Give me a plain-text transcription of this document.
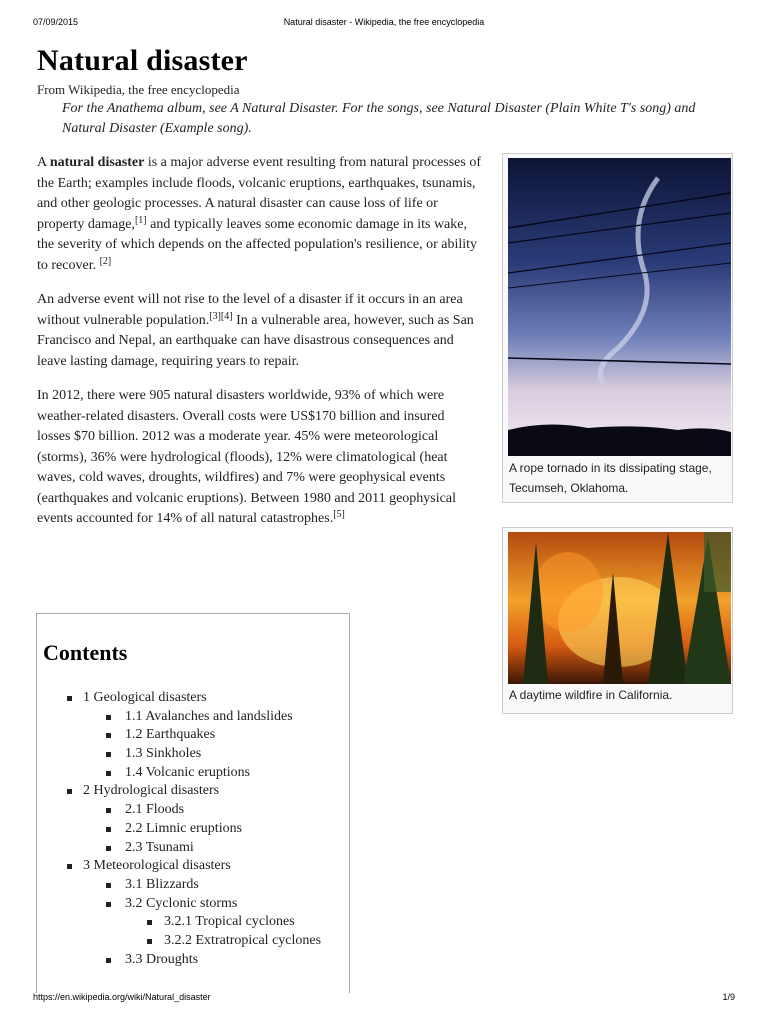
07/09/2015	Natural disaster - Wikipedia, the free encyclopedia
Natural disaster
From Wikipedia, the free encyclopedia
For the Anathema album, see A Natural Disaster. For the songs, see Natural Disaster (Plain White T's song) and Natural Disaster (Example song).

A natural disaster is a major adverse event resulting from natural processes of the Earth; examples include floods, volcanic eruptions, earthquakes, tsunamis, and other geologic processes. A natural disaster can cause loss of life or property damage,[1] and typically leaves some economic damage in its wake, the severity of which depends on the affected population's resilience, or ability to recover. [2]

An adverse event will not rise to the level of a disaster if it occurs in an area without vulnerable population.[3][4] In a vulnerable area, however, such as San Francisco and Nepal, an earthquake can have disastrous consequences and leave lasting damage, requiring years to repair.

In 2012, there were 905 natural disasters worldwide, 93% of which were weather-related disasters. Overall costs were US$170 billion and insured losses $70 billion. 2012 was a moderate year. 45% were meteorological (storms), 36% were hydrological (floods), 12% were climatological (heat waves, cold waves, droughts, wildfires) and 7% were geophysical events (earthquakes and volcanic eruptions). Between 1980 and 2011 geophysical events accounted for 14% of all natural catastrophes.[5]

A rope tornado in its dissipating stage, Tecumseh, Oklahoma.
A daytime wildfire in California.
Contents
1 Geological disasters
1.1 Avalanches and landslides
1.2 Earthquakes
1.3 Sinkholes
1.4 Volcanic eruptions
2 Hydrological disasters
2.1 Floods
2.2 Limnic eruptions
2.3 Tsunami
3 Meteorological disasters
3.1 Blizzards
3.2 Cyclonic storms
3.2.1 Tropical cyclones
3.2.2 Extratropical cyclones
3.3 Droughts
https://en.wikipedia.org/wiki/Natural_disaster	1/9
